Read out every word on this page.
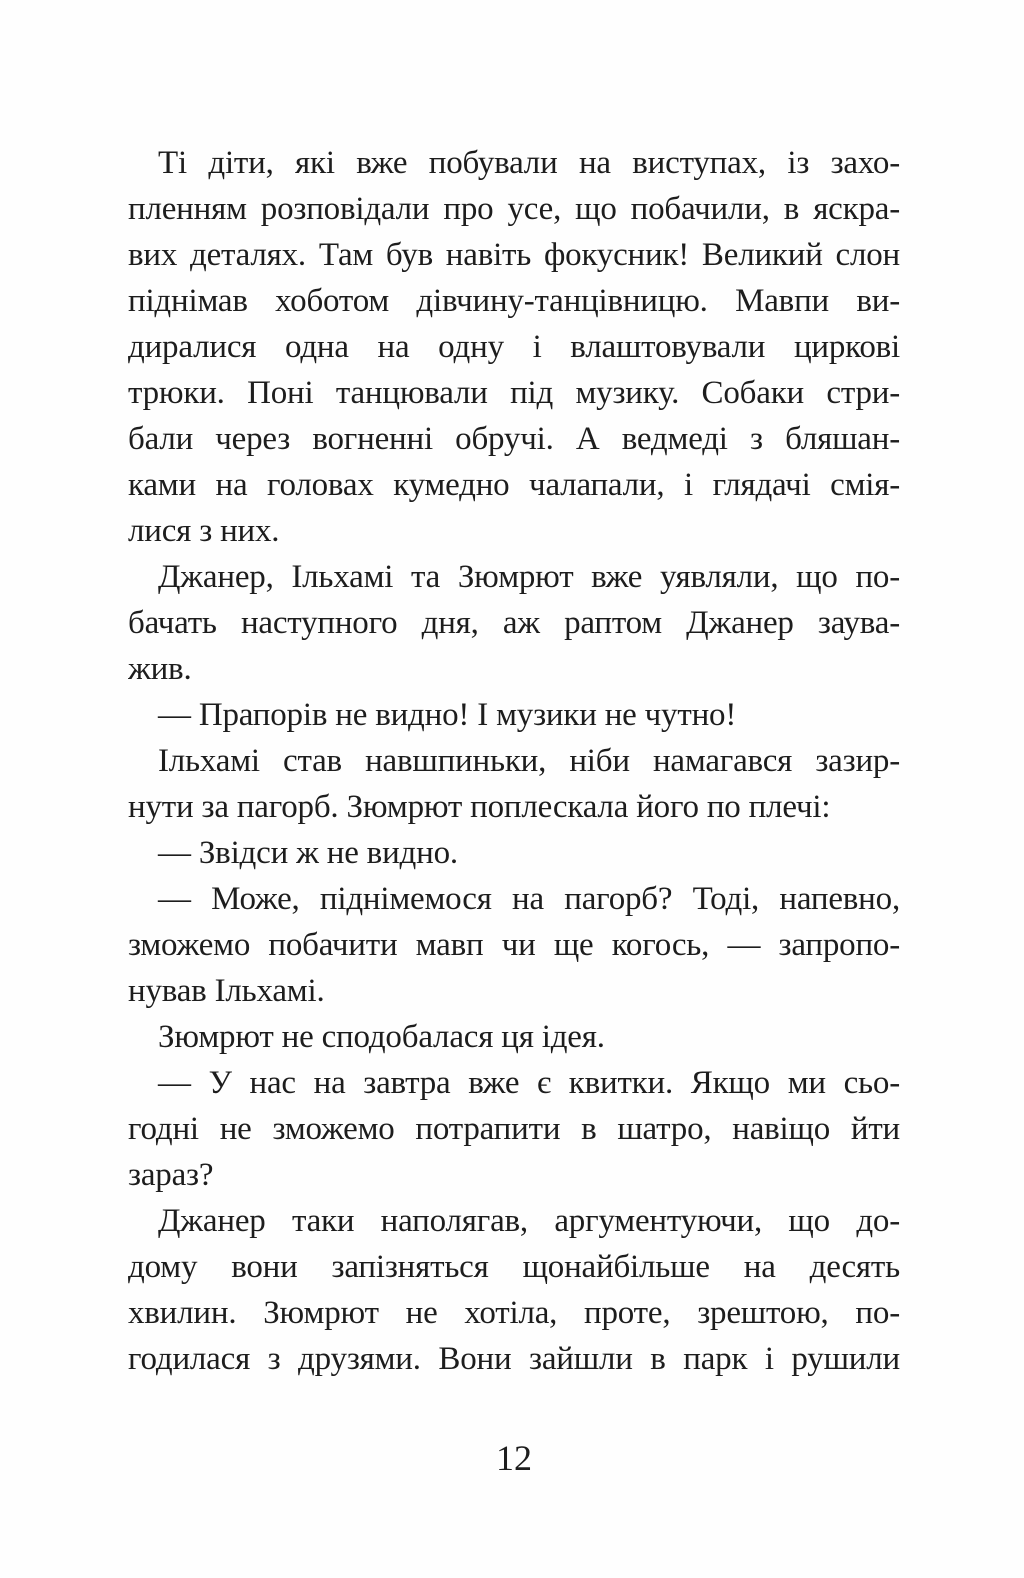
Ті діти, які вже побували на виступах, із захо-
пленням розповідали про усе, що побачили, в яскра-
вих деталях. Там був навіть фокусник! Великий слон
піднімав хоботом дівчину-танцівницю. Мавпи ви-
диралися одна на одну і влаштовували циркові
трюки. Поні танцювали під музику. Собаки стри-
бали через вогненні обручі. А ведмеді з бляшан-
ками на головах кумедно чалапали, і глядачі смія-
лися з них.
Джанер, Ільхамі та Зюмрют вже уявляли, що по-
бачать наступного дня, аж раптом Джанер заува-
жив.
— Прапорів не видно! І музики не чутно!
Ільхамі став навшпиньки, ніби намагався зазир-
нути за пагорб. Зюмрют поплескала його по плечі:
— Звідси ж не видно.
— Може, піднімемося на пагорб? Тоді, напевно,
зможемо побачити мавп чи ще когось, — запропо-
нував Ільхамі.
Зюмрют не сподобалася ця ідея.
— У нас на завтра вже є квитки. Якщо ми сьо-
годні не зможемо потрапити в шатро, навіщо йти
зараз?
Джанер таки наполягав, аргументуючи, що до-
дому вони запізняться щонайбільше на десять
хвилин. Зюмрют не хотіла, проте, зрештою, по-
годилася з друзями. Вони зайшли в парк і рушили
12
